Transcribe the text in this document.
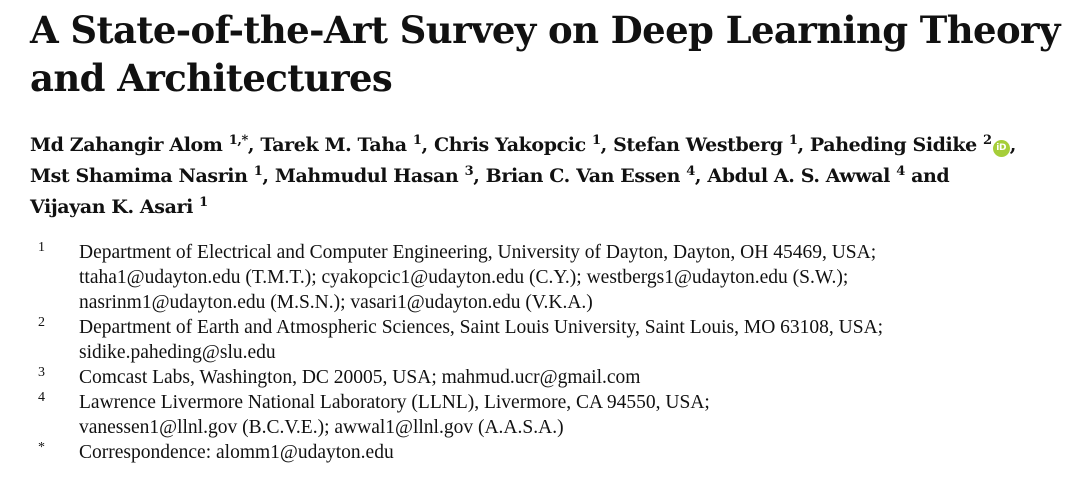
A State-of-the-Art Survey on Deep Learning Theory
and Architectures
Md Zahangir Alom $^{1,*}$, Tarek M. Taha $^1$, Chris Yakopcic $^1$, Stefan Westberg $^1$, Paheding Sidike $^2$ iD ,
Mst Shamima Nasrin $^1$, Mahmudul Hasan $^3$, Brian C. Van Essen $^4$, Abdul A. S. Awwal $^4$ and
Vijayan K. Asari $^1$
1 Department of Electrical and Computer Engineering, University of Dayton, Dayton, OH 45469, USA;
ttaha1@udayton.edu (T.M.T.); cyakopcic1@udayton.edu (C.Y.); westbergs1@udayton.edu (S.W.);
nasrinm1@udayton.edu (M.S.N.); vasari1@udayton.edu (V.K.A.)
2 Department of Earth and Atmospheric Sciences, Saint Louis University, Saint Louis, MO 63108, USA;
sidike.paheding@slu.edu
3 Comcast Labs, Washington, DC 20005, USA; mahmud.ucr@gmail.com
4 Lawrence Livermore National Laboratory (LLNL), Livermore, CA 94550, USA;
vanessen1@llnl.gov (B.C.V.E.); awwal1@llnl.gov (A.A.S.A.)
* Correspondence: alomm1@udayton.edu
